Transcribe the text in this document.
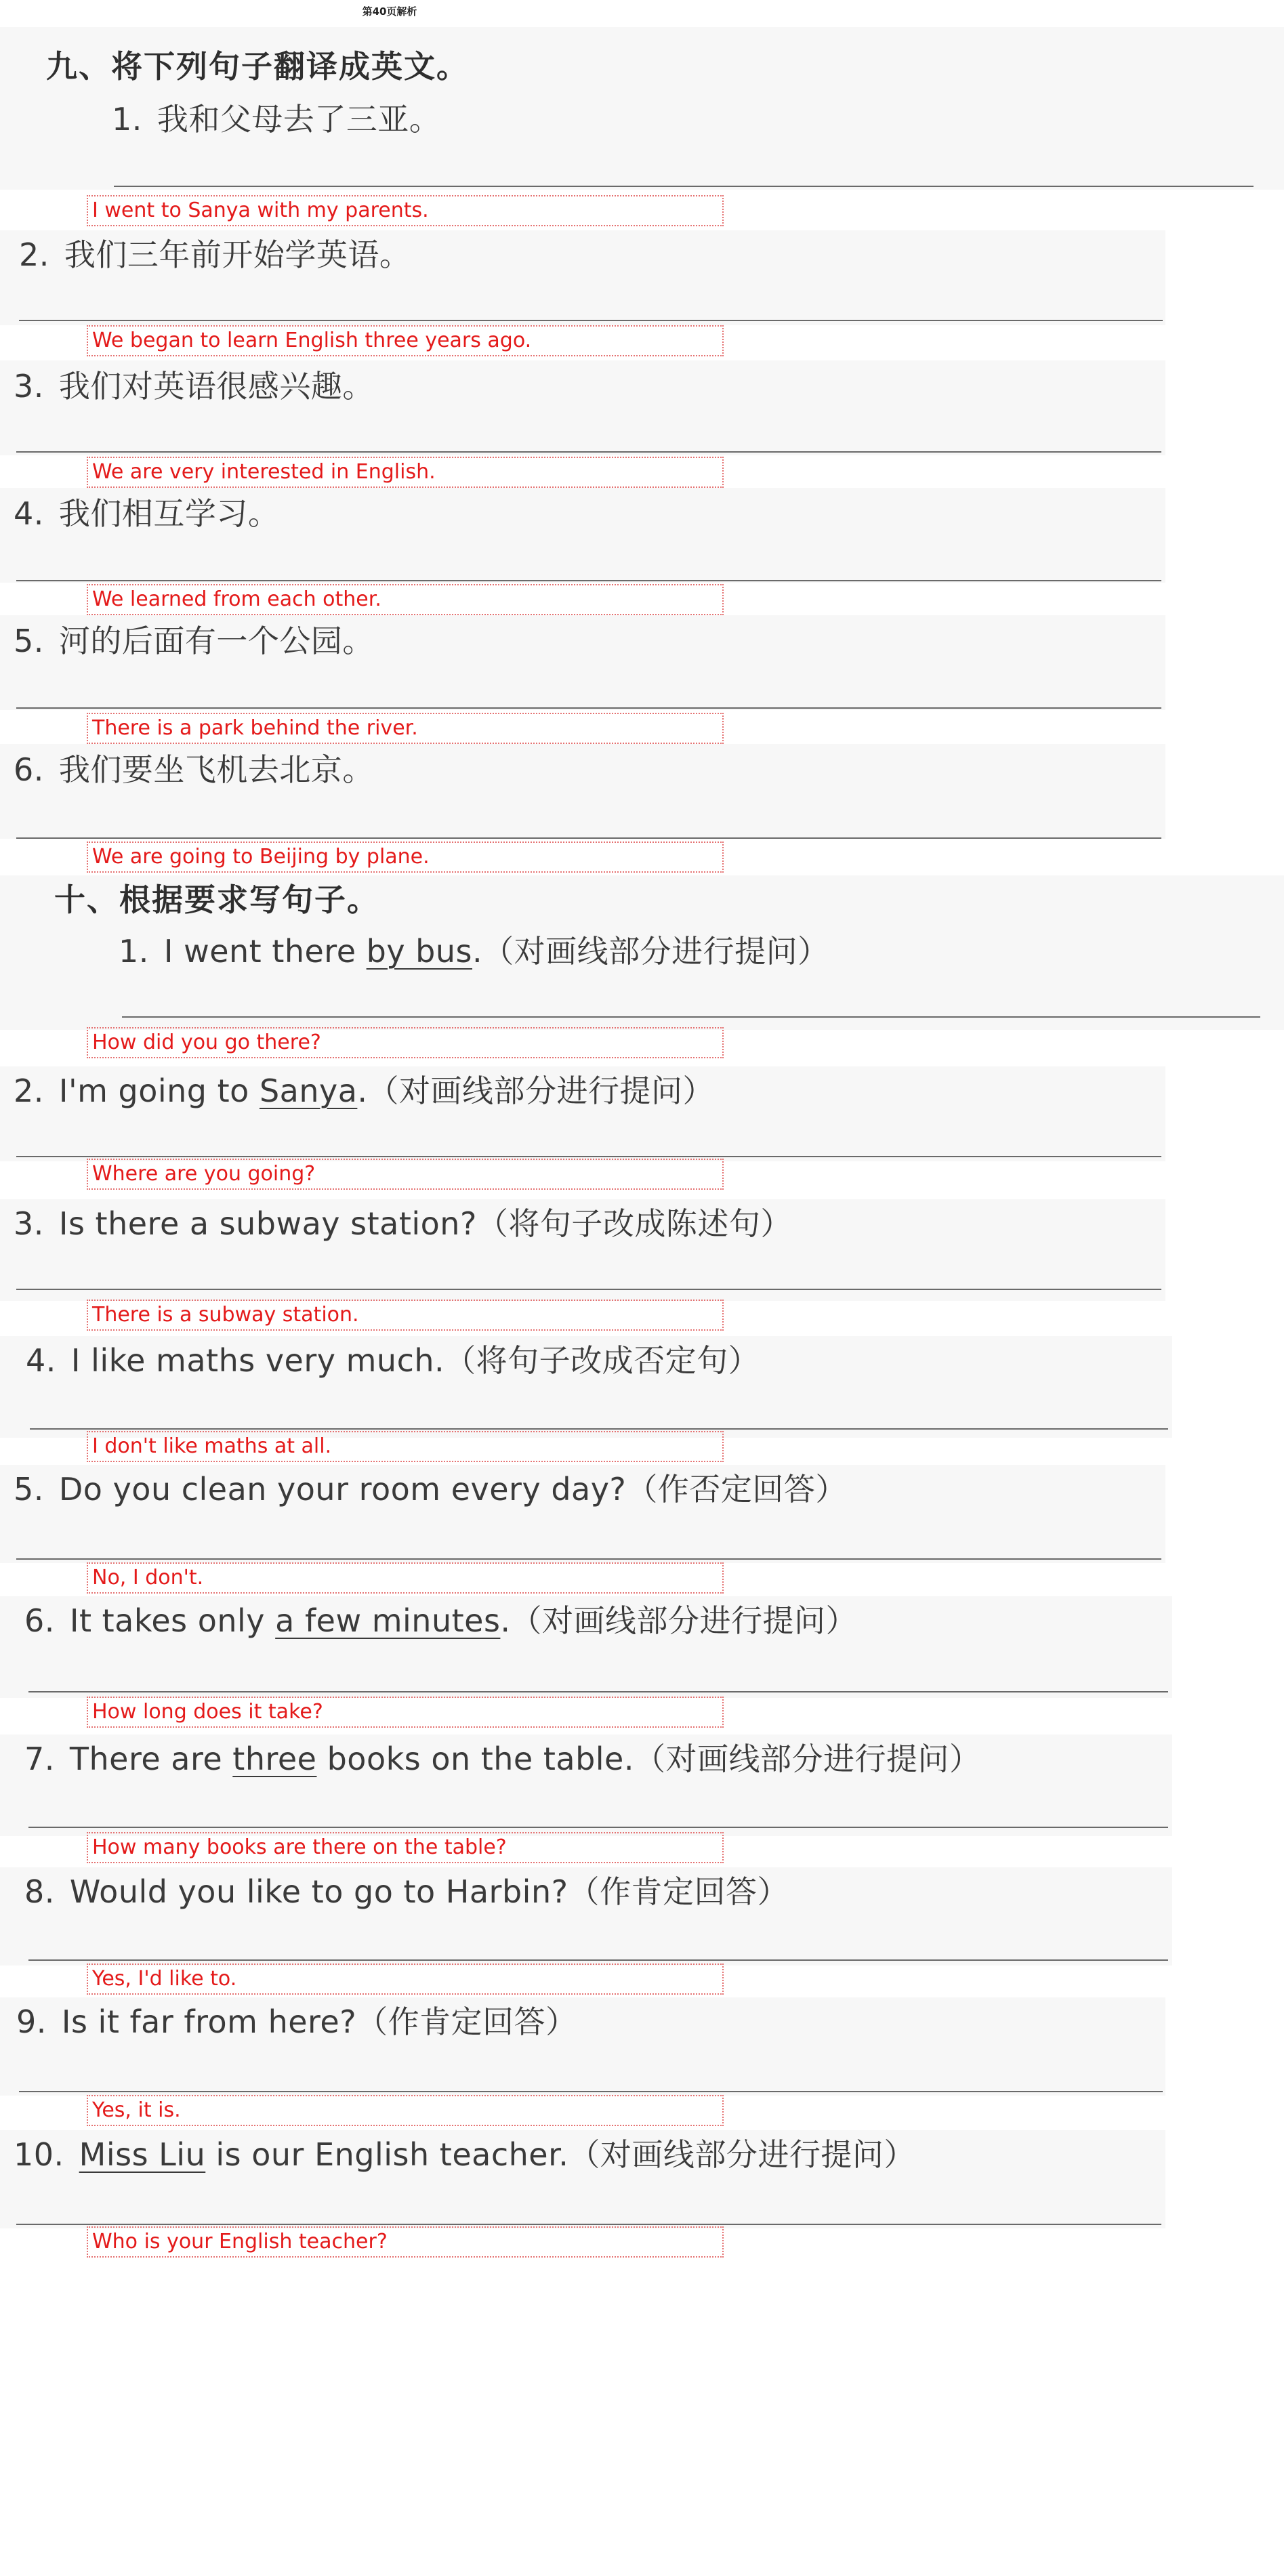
第40页解析
九、将下列句子翻译成英文。
1. 我和父母去了三亚。
I went to Sanya with my parents.
2. 我们三年前开始学英语。
We began to learn English three years ago.
3. 我们对英语很感兴趣。
We are very interested in English.
4. 我们相互学习。
We learned from each other.
5. 河的后面有一个公园。
There is a park behind the river.
6. 我们要坐飞机去北京。
We are going to Beijing by plane.
十、根据要求写句子。
1. I went there by bus.（对画线部分进行提问）
How did you go there?
2. I'm going to Sanya.（对画线部分进行提问）
Where are you going?
3. Is there a subway station?（将句子改成陈述句）
There is a subway station.
4. I like maths very much.（将句子改成否定句）
I don't like maths at all.
5. Do you clean your room every day?（作否定回答）
No, I don't.
6. It takes only a few minutes.（对画线部分进行提问）
How long does it take?
7. There are three books on the table.（对画线部分进行提问）
How many books are there on the table?
8. Would you like to go to Harbin?（作肯定回答）
Yes, I'd like to.
9. Is it far from here?（作肯定回答）
Yes, it is.
10. Miss Liu is our English teacher.（对画线部分进行提问）
Who is your English teacher?
